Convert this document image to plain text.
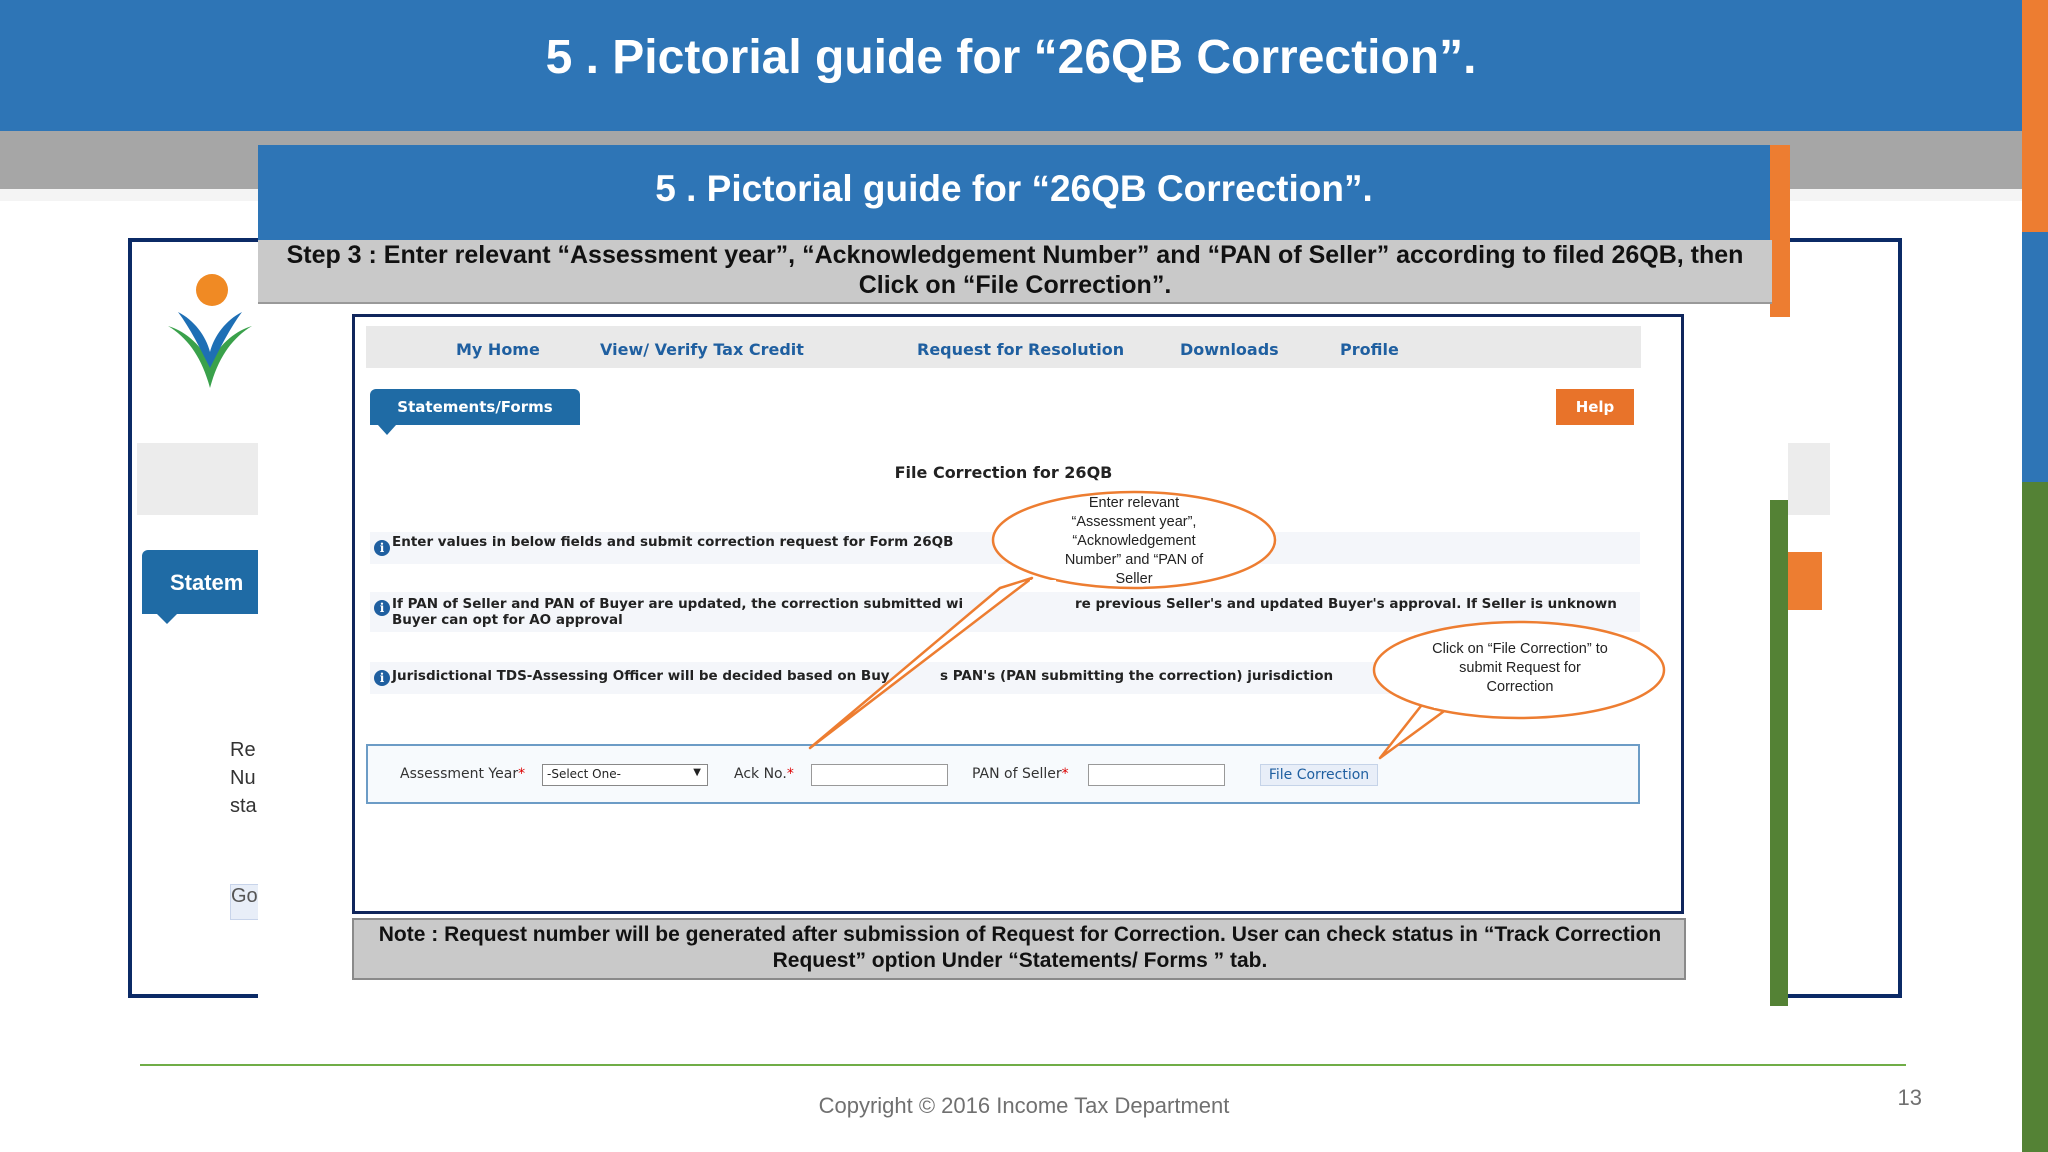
5 . Pictorial guide for “26QB Correction”.
Statem
Re
Nu
sta
Go
5 . Pictorial guide for “26QB Correction”.
Step 3 : Enter relevant “Assessment year”, “Acknowledgement Number” and “PAN of Seller” according to filed 26QB, then Click on “File Correction”.
My Home	View/ Verify Tax Credit	Request for Resolution	Downloads	Profile
Statements/Forms	Help
File Correction for 26QB
i Enter values in below fields and submit correction request for Form 26QB
i If PAN of Seller and PAN of Buyer are updated, the correction submitted wi	re previous Seller's and updated Buyer's approval. If Seller is unknown
Buyer can opt for AO approval
i Jurisdictional TDS-Assessing Officer will be decided based on Buy	s PAN's (PAN submitting the correction) jurisdiction
Assessment Year*	-Select One-	▼ Ack No.*	PAN of Seller*	File Correction
Enter relevant “Assessment year”, “Acknowledgement Number” and “PAN of Seller
Click on “File Correction” to submit Request for Correction
Note : Request number will be generated after submission of Request for Correction. User can check status in “Track Correction Request” option Under “Statements/ Forms ” tab.
Copyright © 2016 Income Tax Department	13
